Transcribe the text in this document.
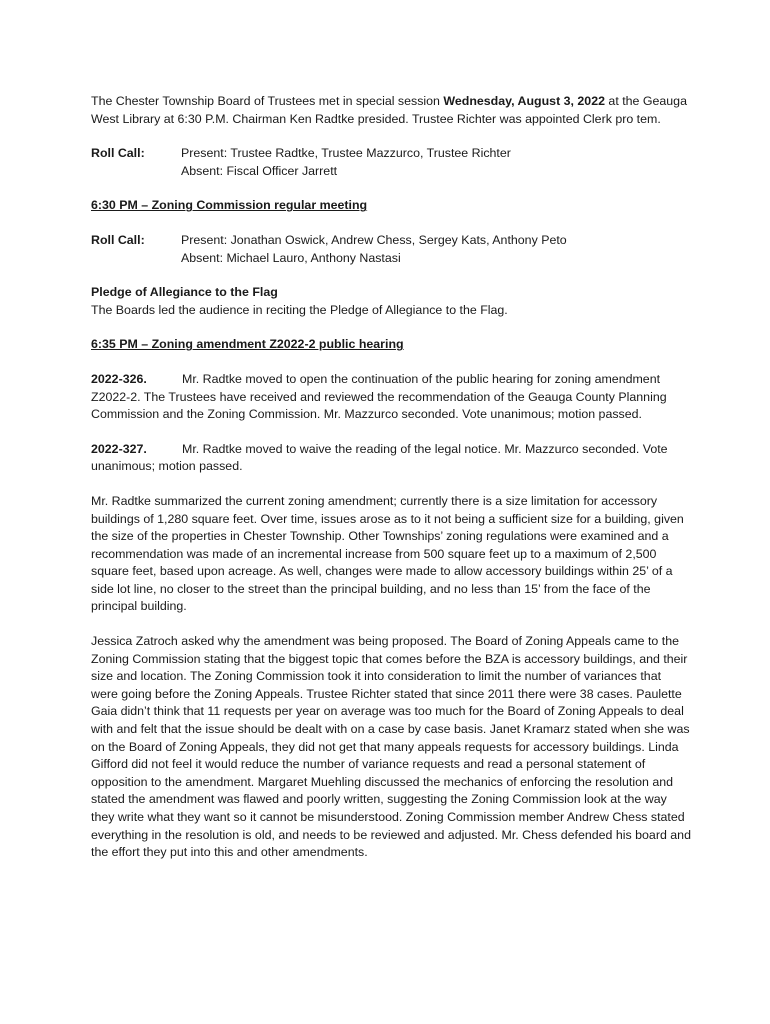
The Chester Township Board of Trustees met in special session Wednesday, August 3, 2022 at the Geauga West Library at 6:30 P.M. Chairman Ken Radtke presided. Trustee Richter was appointed Clerk pro tem.

Roll Call:	Present: Trustee Radtke, Trustee Mazzurco, Trustee Richter
Absent: Fiscal Officer Jarrett

6:30 PM – Zoning Commission regular meeting

Roll Call:	Present: Jonathan Oswick, Andrew Chess, Sergey Kats, Anthony Peto
Absent: Michael Lauro, Anthony Nastasi

Pledge of Allegiance to the Flag

The Boards led the audience in reciting the Pledge of Allegiance to the Flag.

6:35 PM – Zoning amendment Z2022-2 public hearing

2022-326.	Mr. Radtke moved to open the continuation of the public hearing for zoning amendment Z2022-2. The Trustees have received and reviewed the recommendation of the Geauga County Planning Commission and the Zoning Commission. Mr. Mazzurco seconded. Vote unanimous; motion passed.

2022-327.	Mr. Radtke moved to waive the reading of the legal notice. Mr. Mazzurco seconded. Vote unanimous; motion passed.

Mr. Radtke summarized the current zoning amendment; currently there is a size limitation for accessory buildings of 1,280 square feet. Over time, issues arose as to it not being a sufficient size for a building, given the size of the properties in Chester Township. Other Townships’ zoning regulations were examined and a recommendation was made of an incremental increase from 500 square feet up to a maximum of 2,500 square feet, based upon acreage. As well, changes were made to allow accessory buildings within 25’ of a side lot line, no closer to the street than the principal building, and no less than 15’ from the face of the principal building.

Jessica Zatroch asked why the amendment was being proposed. The Board of Zoning Appeals came to the Zoning Commission stating that the biggest topic that comes before the BZA is accessory buildings, and their size and location. The Zoning Commission took it into consideration to limit the number of variances that were going before the Zoning Appeals. Trustee Richter stated that since 2011 there were 38 cases. Paulette Gaia didn’t think that 11 requests per year on average was too much for the Board of Zoning Appeals to deal with and felt that the issue should be dealt with on a case by case basis. Janet Kramarz stated when she was on the Board of Zoning Appeals, they did not get that many appeals requests for accessory buildings. Linda Gifford did not feel it would reduce the number of variance requests and read a personal statement of opposition to the amendment. Margaret Muehling discussed the mechanics of enforcing the resolution and stated the amendment was flawed and poorly written, suggesting the Zoning Commission look at the way they write what they want so it cannot be misunderstood. Zoning Commission member Andrew Chess stated everything in the resolution is old, and needs to be reviewed and adjusted. Mr. Chess defended his board and the effort they put into this and other amendments.
